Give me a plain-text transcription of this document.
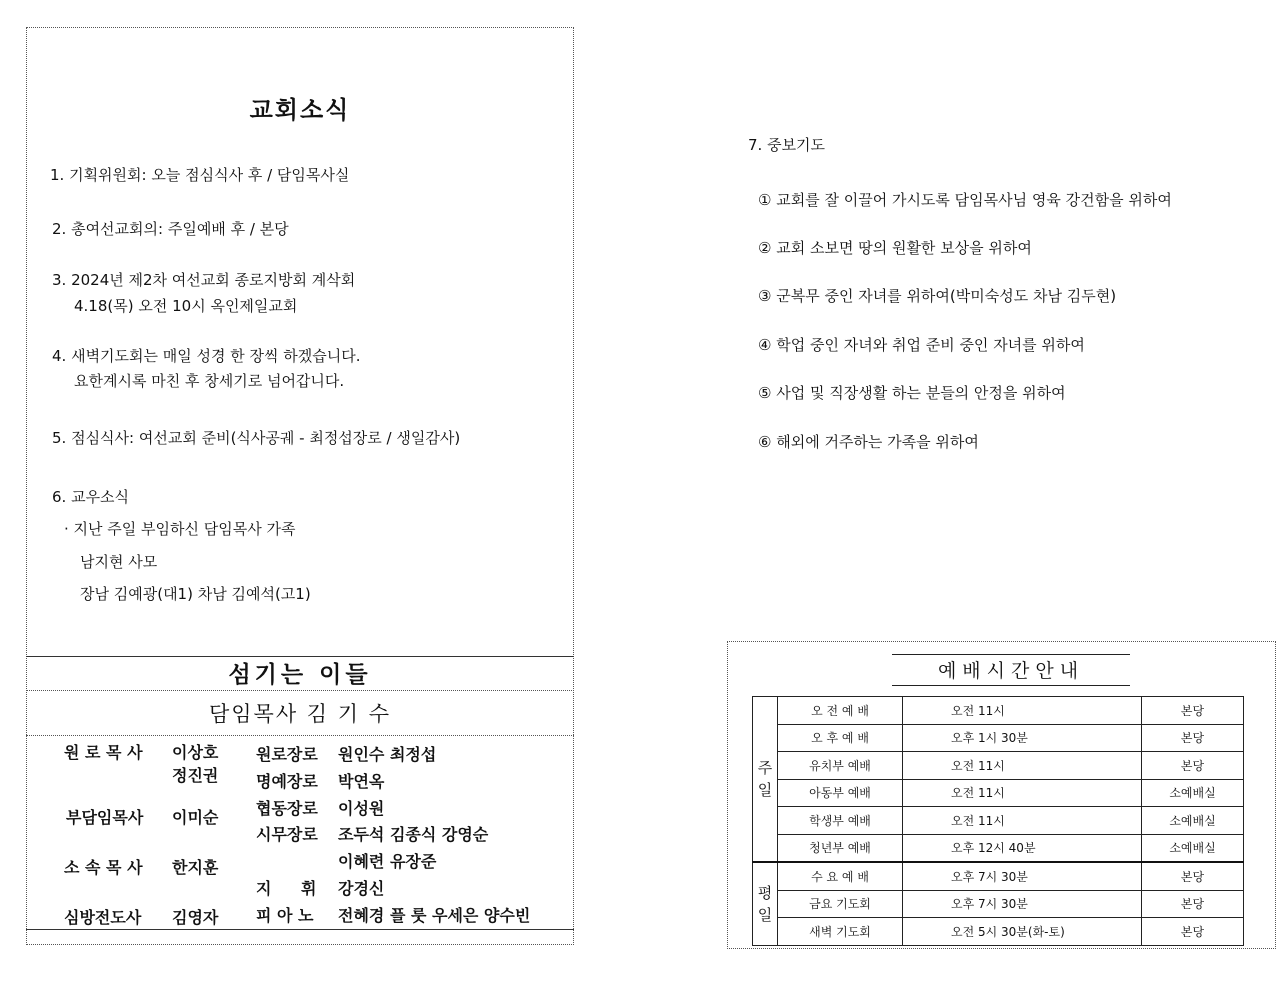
교회소식
1. 기획위원회: 오늘 점심식사 후 / 담임목사실
2. 총여선교회의: 주일예배 후 / 본당
3. 2024년 제2차 여선교회 종로지방회 계삭회
4.18(목) 오전 10시 옥인제일교회
4. 새벽기도회는 매일 성경 한 장씩 하겠습니다.
요한계시록 마친 후 창세기로 넘어갑니다.
5. 점심식사: 여선교회 준비(식사공궤 - 최정섭장로 / 생일감사)
6. 교우소식
· 지난 주일 부임하신 담임목사 가족
남지현 사모
장남 김예광(대1) 차남 김예석(고1)
섬기는 이들
담임목사 김 기 수
원 로 목 사 이상호
정진권
부담임목사 이미순
소 속 목 사 한지훈
심방전도사 김영자
원로장로 원인수 최정섭
명예장로 박연옥
협동장로 이성원
시무장로 조두석 김종식 강영순
이혜련 유장준
지 휘 강경신
피 아 노 전혜경 플 룻 우세은 양수빈
7. 중보기도
① 교회를 잘 이끌어 가시도록 담임목사님 영육 강건함을 위하여
② 교회 소보면 땅의 원활한 보상을 위하여
③ 군복무 중인 자녀를 위하여(박미숙성도 차남 김두현)
④ 학업 중인 자녀와 취업 준비 중인 자녀를 위하여
⑤ 사업 및 직장생활 하는 분들의 안정을 위하여
⑥ 해외에 거주하는 가족을 위하여
예배시간안내
주
일	오 전 예 배	오전 11시	본당
	오 후 예 배	오후 1시 30분	본당
	유치부 예배	오전 11시	본당
	아동부 예배	오전 11시	소예배실
	학생부 예배	오전 11시	소예배실
	청년부 예배	오후 12시 40분	소예배실
평
일	수 요 예 배	오후 7시 30분	본당
	금요 기도회	오후 7시 30분	본당
	새벽 기도회	오전 5시 30분(화-토)	본당
